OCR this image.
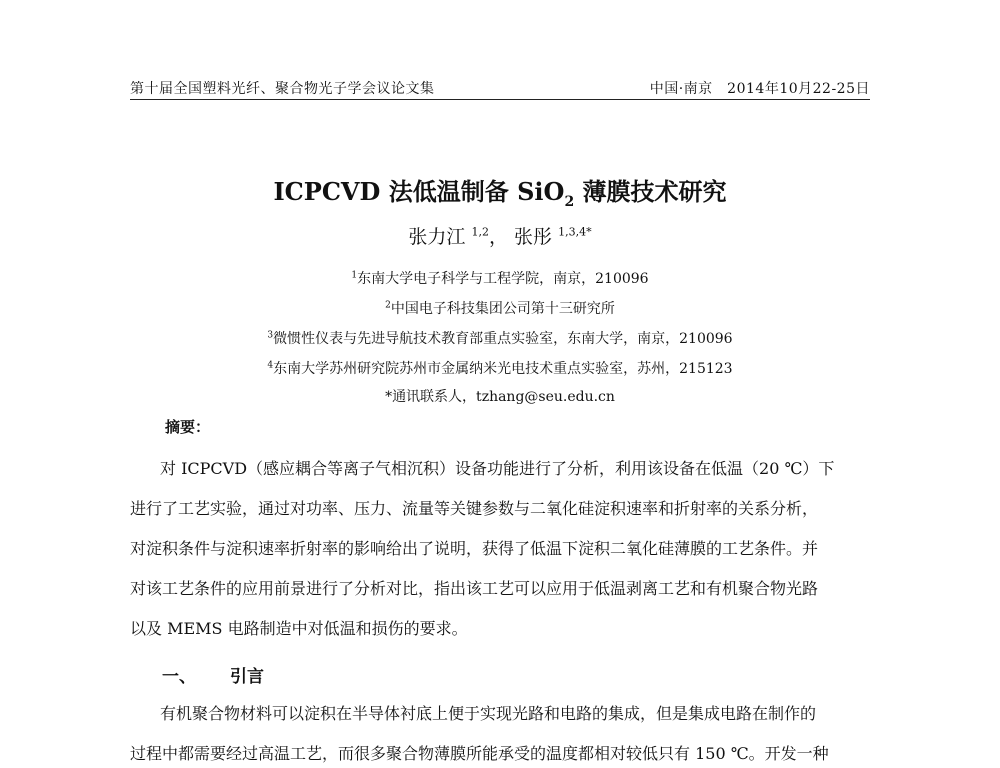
第十届全国塑料光纤、聚合物光子学会议论文集	中国·南京　2014年10月22-25日
ICPCVD 法低温制备 SiO$_2$ 薄膜技术研究
张力江 $^{1,2}$， 张彤 $^{1,3,4*}$
$^1$东南大学电子科学与工程学院，南京，210096
$^2$中国电子科技集团公司第十三研究所
$^3$微惯性仪表与先进导航技术教育部重点实验室，东南大学，南京，210096
$^4$东南大学苏州研究院苏州市金属纳米光电技术重点实验室，苏州，215123
*通讯联系人，tzhang@seu.edu.cn
摘要：
对 ICPCVD（感应耦合等离子气相沉积）设备功能进行了分析，利用该设备在低温（20 ℃）下
进行了工艺实验，通过对功率、压力、流量等关键参数与二氧化硅淀积速率和折射率的关系分析，
对淀积条件与淀积速率折射率的影响给出了说明，获得了低温下淀积二氧化硅薄膜的工艺条件。并
对该工艺条件的应用前景进行了分析对比，指出该工艺可以应用于低温剥离工艺和有机聚合物光路
以及 MEMS 电路制造中对低温和损伤的要求。
一、 引言
有机聚合物材料可以淀积在半导体衬底上便于实现光路和电路的集成，但是集成电路在制作的
过程中都需要经过高温工艺，而很多聚合物薄膜所能承受的温度都相对较低只有 150 ℃。开发一种
